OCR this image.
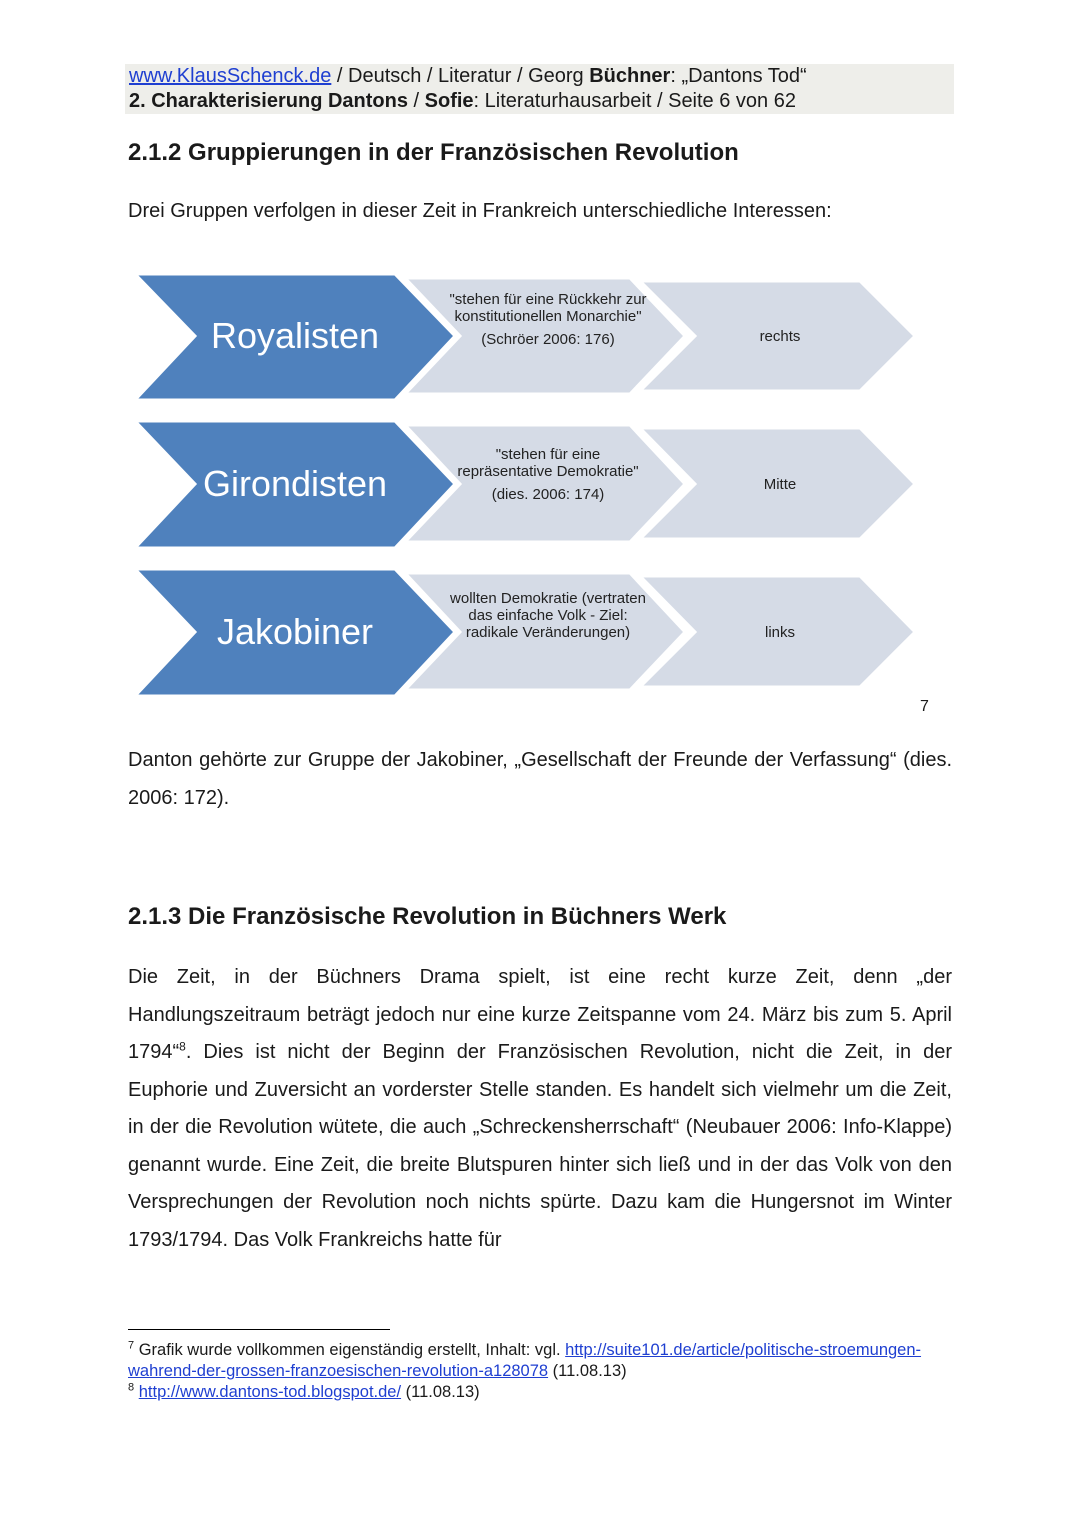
www.KlausSchenck.de / Deutsch / Literatur / Georg Büchner: „Dantons Tod“
2. Charakterisierung Dantons / Sofie: Literaturhausarbeit / Seite 6 von 62
2.1.2 Gruppierungen in der Französischen Revolution
Drei Gruppen verfolgen in dieser Zeit in Frankreich unterschiedliche Interessen:
Royalisten
"stehen für eine Rückkehr zur konstitutionellen Monarchie"
(Schröer 2006: 176)	rechts
Girondisten
"stehen für eine repräsentative Demokratie"
(dies. 2006: 174)
Mitte
Jakobiner
wollten Demokratie (vertraten das einfache Volk - Ziel: radikale Veränderungen)	links
7
Danton gehörte zur Gruppe der Jakobiner, „Gesellschaft der Freunde der Verfassung“ (dies. 2006: 172).
2.1.3 Die Französische Revolution in Büchners Werk
Die Zeit, in der Büchners Drama spielt, ist eine recht kurze Zeit, denn „der Handlungszeitraum beträgt jedoch nur eine kurze Zeitspanne vom 24. März bis zum 5. April 1794“$^8$. Dies ist nicht der Beginn der Französischen Revolution, nicht die Zeit, in der Euphorie und Zuversicht an vorderster Stelle standen. Es handelt sich vielmehr um die Zeit, in der die Revolution wütete, die auch „Schreckensherrschaft“ (Neubauer 2006: Info-Klappe) genannt wurde. Eine Zeit, die breite Blutspuren hinter sich ließ und in der das Volk von den Versprechungen der Revolution noch nichts spürte. Dazu kam die Hungersnot im Winter 1793/1794. Das Volk Frankreichs hatte für
$^7$ Grafik wurde vollkommen eigenständig erstellt, Inhalt: vgl. http://suite101.de/article/politische-stroemungen-wahrend-der-grossen-franzoesischen-revolution-a128078 (11.08.13)
$^8$ http://www.dantons-tod.blogspot.de/ (11.08.13)
